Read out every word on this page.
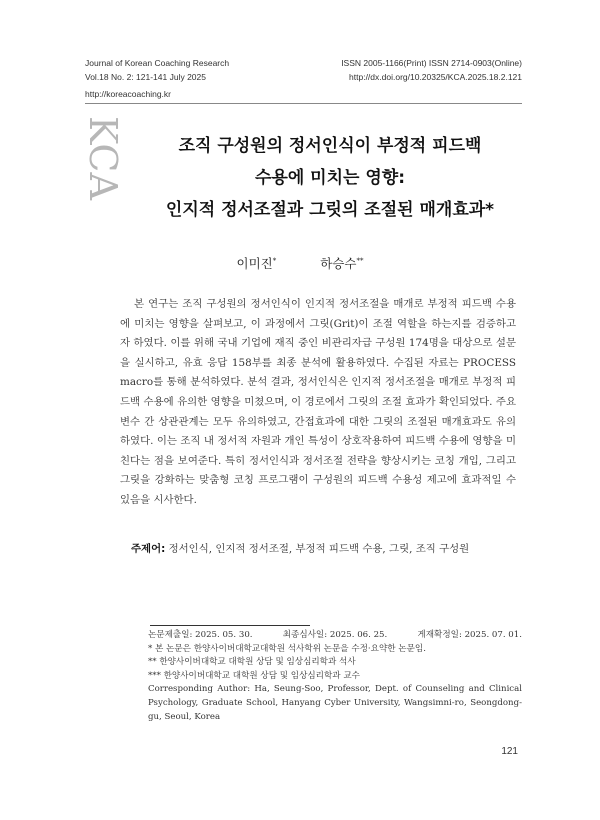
Journal of Korean Coaching Research
Vol.18 No. 2: 121-141 July 2025
ISSN 2005-1166(Print) ISSN 2714-0903(Online)
http://dx.doi.org/10.20325/KCA.2025.18.2.121
http://koreacoaching.kr
KCA	조직 구성원의 정서인식이 부정적 피드백
수용에 미치는 영향:
인지적 정서조절과 그릿의 조절된 매개효과*
이미진*	하승수**

본 연구는 조직 구성원의 정서인식이 인지적 정서조절을 매개로 부정적 피드백 수용에 미치는 영향을 살펴보고, 이 과정에서 그릿(Grit)이 조절 역할을 하는지를 검증하고자 하였다. 이를 위해 국내 기업에 재직 중인 비관리자급 구성원 174명을 대상으로 설문을 실시하고, 유효 응답 158부를 최종 분석에 활용하였다. 수집된 자료는 PROCESS macro를 통해 분석하였다. 분석 결과, 정서인식은 인지적 정서조절을 매개로 부정적 피드백 수용에 유의한 영향을 미쳤으며, 이 경로에서 그릿의 조절 효과가 확인되었다. 주요 변수 간 상관관계는 모두 유의하였고, 간접효과에 대한 그릿의 조절된 매개효과도 유의하였다. 이는 조직 내 정서적 자원과 개인 특성이 상호작용하여 피드백 수용에 영향을 미친다는 점을 보여준다. 특히 정서인식과 정서조절 전략을 향상시키는 코칭 개입, 그리고 그릿을 강화하는 맞춤형 코칭 프로그램이 구성원의 피드백 수용성 제고에 효과적일 수 있음을 시사한다.

주제어: 정서인식, 인지적 정서조절, 부정적 피드백 수용, 그릿, 조직 구성원
논문제출일: 2025. 05. 30.	최종심사일: 2025. 06. 25.	게재확정일: 2025. 07. 01.
* 본 논문은 한양사이버대학교대학원 석사학위 논문을 수정·요약한 논문임.
** 한양사이버대학교 대학원 상담 및 임상심리학과 석사
*** 한양사이버대학교 대학원 상담 및 임상심리학과 교수
Corresponding Author: Ha, Seung-Soo, Professor, Dept. of Counseling and Clinical Psychology, Graduate School, Hanyang Cyber University, Wangsimni-ro, Seongdong-gu, Seoul, Korea
121
